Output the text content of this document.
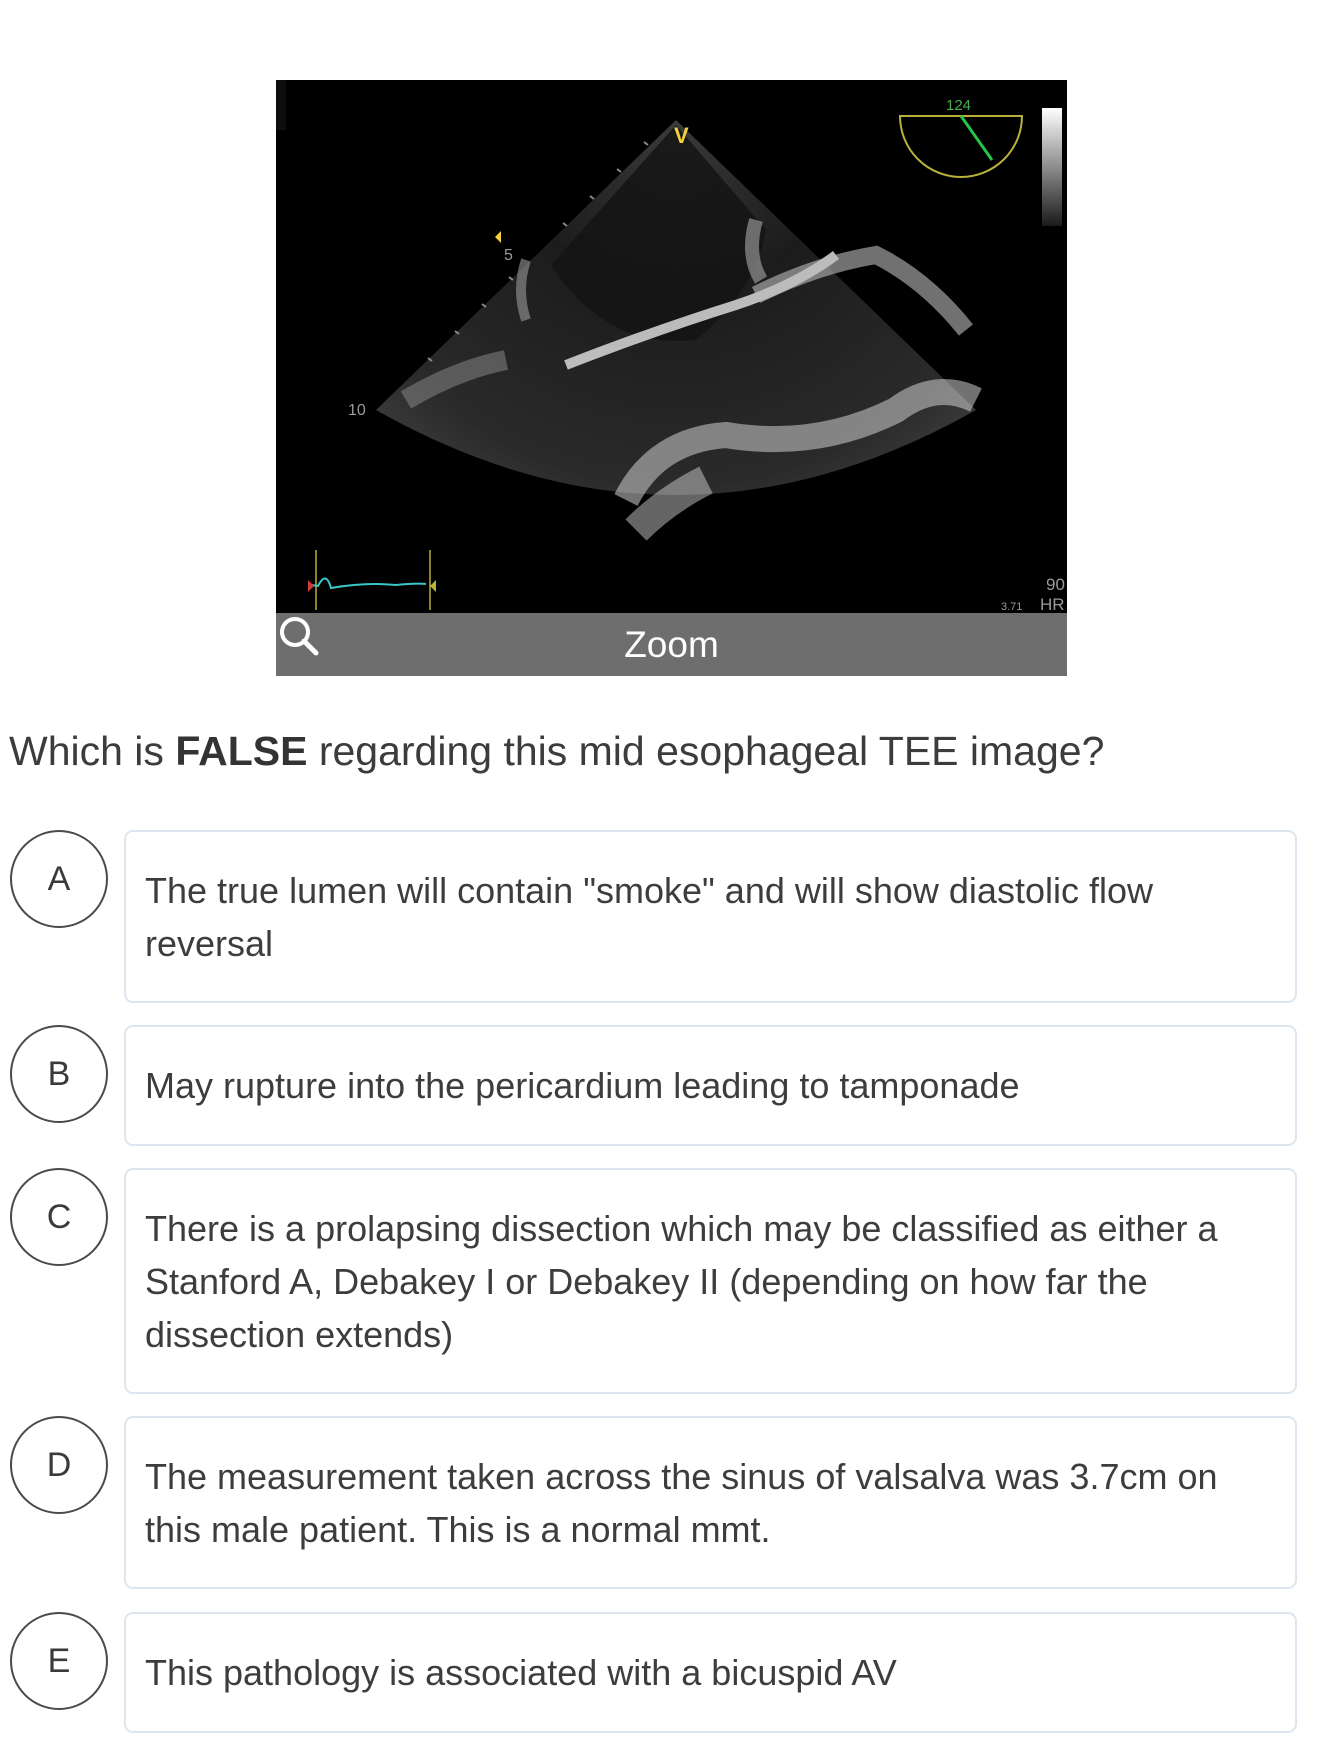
5
10
V
124
90
HR
3.71
Zoom
Which is FALSE regarding this mid esophageal TEE image?
A	The true lumen will contain "smoke" and will show diastolic flow reversal
B	May rupture into the pericardium leading to tamponade
C	There is a prolapsing dissection which may be classified as either a Stanford A, Debakey I or Debakey II (depending on how far the dissection extends)
D	The measurement taken across the sinus of valsalva was 3.7cm on this male patient. This is a normal mmt.
E	This pathology is associated with a bicuspid AV
